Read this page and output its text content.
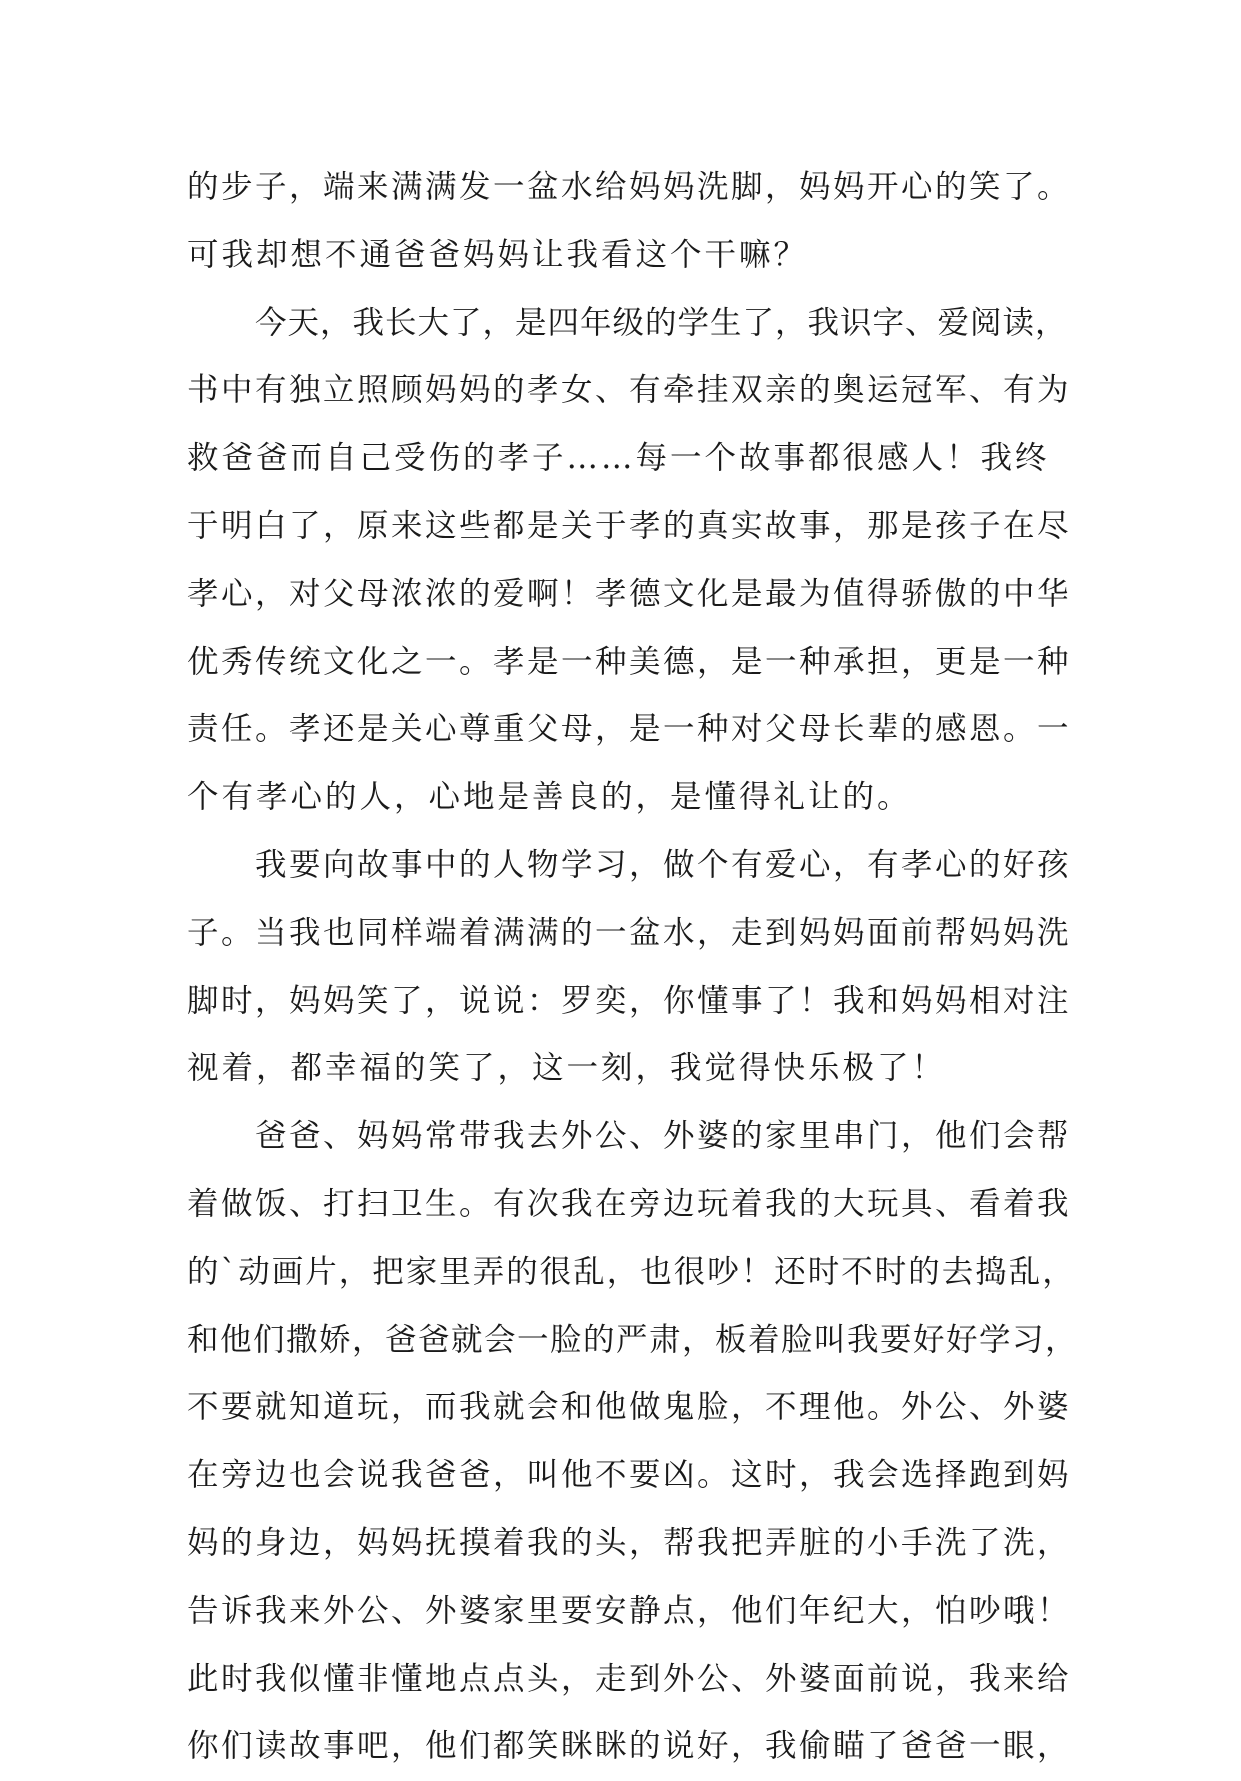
的步子，端来满满发一盆水给妈妈洗脚，妈妈开心的笑了。
可我却想不通爸爸妈妈让我看这个干嘛？
今天，我长大了，是四年级的学生了，我识字、爱阅读，
书中有独立照顾妈妈的孝女、有牵挂双亲的奥运冠军、有为
救爸爸而自己受伤的孝子……每一个故事都很感人！我终
于明白了，原来这些都是关于孝的真实故事，那是孩子在尽
孝心，对父母浓浓的爱啊！孝德文化是最为值得骄傲的中华
优秀传统文化之一。孝是一种美德，是一种承担，更是一种
责任。孝还是关心尊重父母，是一种对父母长辈的感恩。一
个有孝心的人，心地是善良的，是懂得礼让的。
我要向故事中的人物学习，做个有爱心，有孝心的好孩
子。当我也同样端着满满的一盆水，走到妈妈面前帮妈妈洗
脚时，妈妈笑了，说说：罗奕，你懂事了！我和妈妈相对注
视着，都幸福的笑了，这一刻，我觉得快乐极了！
爸爸、妈妈常带我去外公、外婆的家里串门，他们会帮
着做饭、打扫卫生。有次我在旁边玩着我的大玩具、看着我
的`动画片，把家里弄的很乱，也很吵！还时不时的去捣乱，
和他们撒娇，爸爸就会一脸的严肃，板着脸叫我要好好学习，
不要就知道玩，而我就会和他做鬼脸，不理他。外公、外婆
在旁边也会说我爸爸，叫他不要凶。这时，我会选择跑到妈
妈的身边，妈妈抚摸着我的头，帮我把弄脏的小手洗了洗，
告诉我来外公、外婆家里要安静点，他们年纪大，怕吵哦！
此时我似懂非懂地点点头，走到外公、外婆面前说，我来给
你们读故事吧，他们都笑眯眯的说好，我偷瞄了爸爸一眼，
